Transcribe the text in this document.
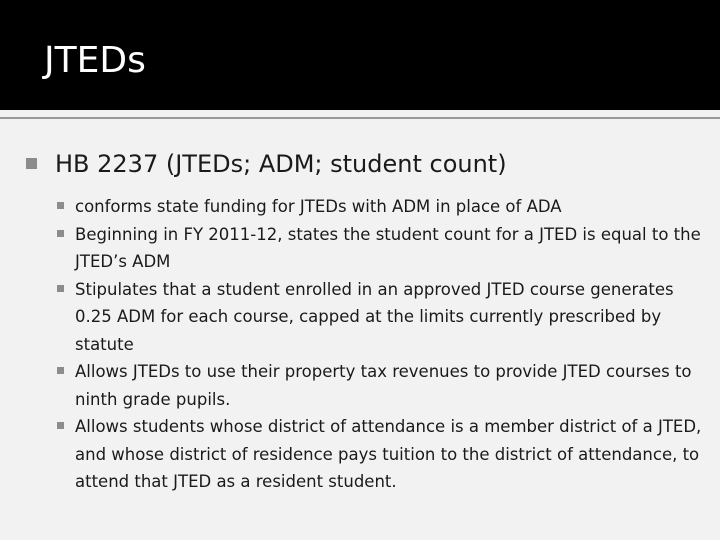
JTEDs
HB 2237 (JTEDs; ADM; student count)
conforms state funding for JTEDs with ADM in place of ADA
Beginning in FY 2011-12, states the student count for a JTED is equal to the JTED’s ADM
Stipulates that a student enrolled in an approved JTED course generates 0.25 ADM for each course, capped at the limits currently prescribed by statute
Allows JTEDs to use their property tax revenues to provide JTED courses to ninth grade pupils.
Allows students whose district of attendance is a member district of a JTED, and whose district of residence pays tuition to the district of attendance, to attend that JTED as a resident student.
